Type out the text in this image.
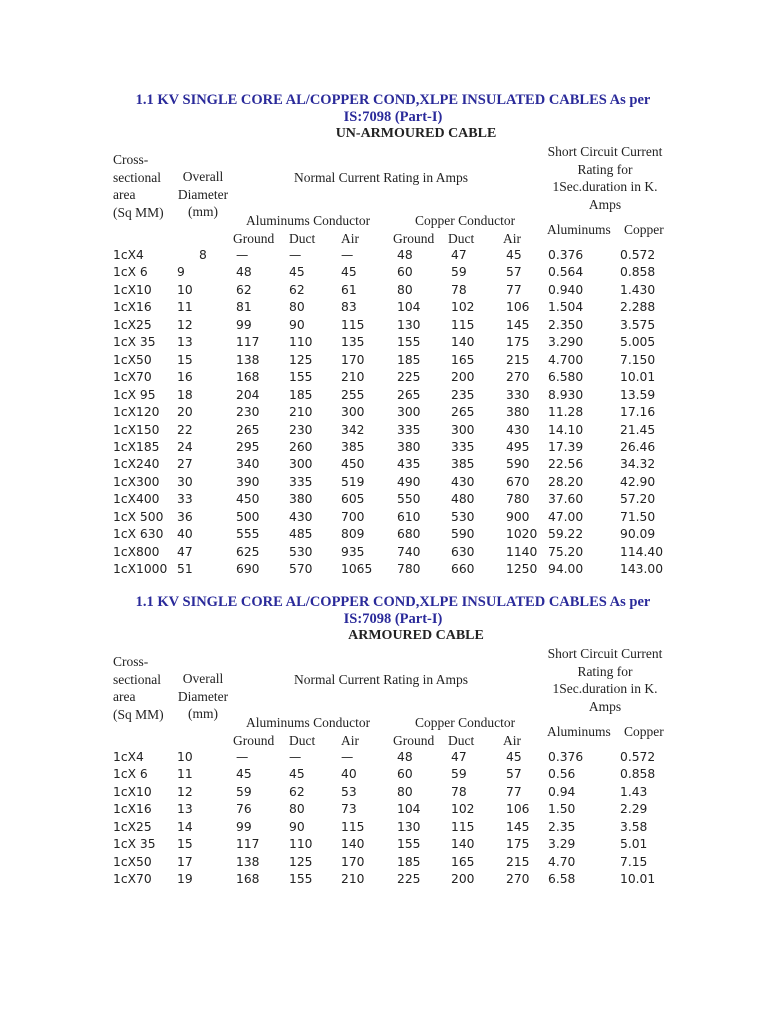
1.1 KV SINGLE CORE AL/COPPER COND,XLPE INSULATED CABLES As per
IS:7098 (Part-I)
UN-ARMOURED CABLE
Cross-
sectional
area
(Sq MM)
Overall
Diameter
(mm)
Normal Current Rating in Amps
Short Circuit Current
Rating for
1Sec.duration in K.
Amps
Aluminums Conductor	Copper Conductor
Aluminums Copper
Ground Duct Air	Ground Duct Air
1cX4	8 —	—	—	48	47	45 0.376	0.572
1cX 6 9	48	45	45	60	59	57 0.564	0.858
1cX10 10	62	62	61	80	78	77 0.940	1.430
1cX16 11	81	80	83	104 102	106 1.504	2.288
1cX25 12	99	90	115	130 115	145 2.350	3.575
1cX 35 13	117 110 135	155 140	175 3.290	5.005
1cX50 15	138 125 170	185 165	215 4.700	7.150
1cX70 16	168 155 210	225 200	270 6.580	10.01
1cX 95 18	204 185 255	265 235	330 8.930	13.59
1cX120 20	230 210 300	300 265	380 11.28	17.16
1cX150 22	265 230 342	335 300	430 14.10	21.45
1cX185 24	295 260 385	380 335	495 17.39	26.46
1cX240 27	340 300 450	435 385	590 22.56	34.32
1cX300 30	390 335 519	490 430	670 28.20	42.90
1cX400 33	450 380 605	550 480	780 37.60	57.20
1cX 500 36	500 430 700	610 530	900 47.00	71.50
1cX 630 40	555 485 809	680 590	1020 59.22	90.09
1cX800 47	625 530 935	740 630	1140 75.20	114.40
1cX1000 51	690 570 1065 780 660	1250 94.00	143.00
1.1 KV SINGLE CORE AL/COPPER COND,XLPE INSULATED CABLES As per
IS:7098 (Part-I)
ARMOURED CABLE
Cross-
sectional
area
(Sq MM)
Overall
Diameter
(mm)
Normal Current Rating in Amps
Short Circuit Current
Rating for
1Sec.duration in K.
Amps
Aluminums Conductor	Copper Conductor
Aluminums Copper
Ground Duct Air	Ground Duct Air
1cX4	10	—	—	—	48	47	45 0.376	0.572
1cX 6 11	45	45	40	60	59	57 0.56	0.858
1cX10 12	59	62	53	80	78	77 0.94	1.43
1cX16 13	76	80	73	104 102	106 1.50	2.29
1cX25 14	99	90	115	130 115	145 2.35	3.58
1cX 35 15	117 110 140	155 140	175 3.29	5.01
1cX50 17	138 125 170	185 165	215 4.70	7.15
1cX70 19	168 155 210	225 200	270 6.58	10.01
